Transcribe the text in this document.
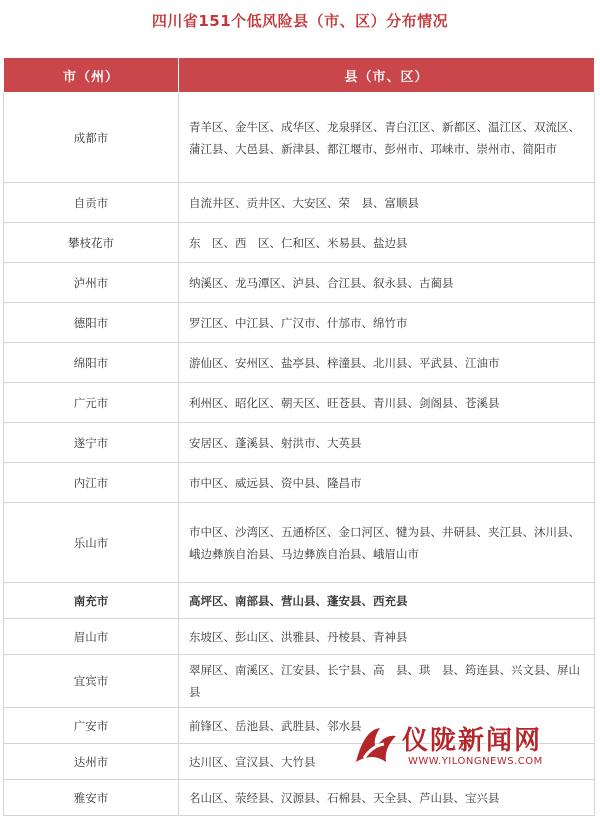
四川省151个低风险县（市、区）分布情况
市（州）	县（市、区）
成都市	青羊区、金牛区、成华区、龙泉驿区、青白江区、新都区、温江区、双流区、蒲江县、大邑县、新津县、都江堰市、彭州市、邛崃市、崇州市、简阳市
自贡市	自流井区、贡井区、大安区、荣　县、富顺县
攀枝花市	东　区、西　区、仁和区、米易县、盐边县
泸州市	纳溪区、龙马潭区、泸县、合江县、叙永县、古蔺县
德阳市	罗江区、中江县、广汉市、什邡市、绵竹市
绵阳市	游仙区、安州区、盐亭县、梓潼县、北川县、平武县、江油市
广元市	利州区、昭化区、朝天区、旺苍县、青川县、剑阁县、苍溪县
遂宁市	安居区、蓬溪县、射洪市、大英县
内江市	市中区、威远县、资中县、隆昌市
乐山市	市中区、沙湾区、五通桥区、金口河区、犍为县、井研县、夹江县、沐川县、峨边彝族自治县、马边彝族自治县、峨眉山市
南充市	高坪区、南部县、营山县、蓬安县、西充县
眉山市	东坡区、彭山区、洪雅县、丹棱县、青神县
宜宾市	翠屏区、南溪区、江安县、长宁县、高　县、珙　县、筠连县、兴文县、屏山县
广安市	前锋区、岳池县、武胜县、邻水县
达州市	达川区、宣汉县、大竹县
雅安市	名山区、荥经县、汉源县、石棉县、天全县、芦山县、宝兴县
仪陇新闻网
WWW.YILONGNEWS.COM
